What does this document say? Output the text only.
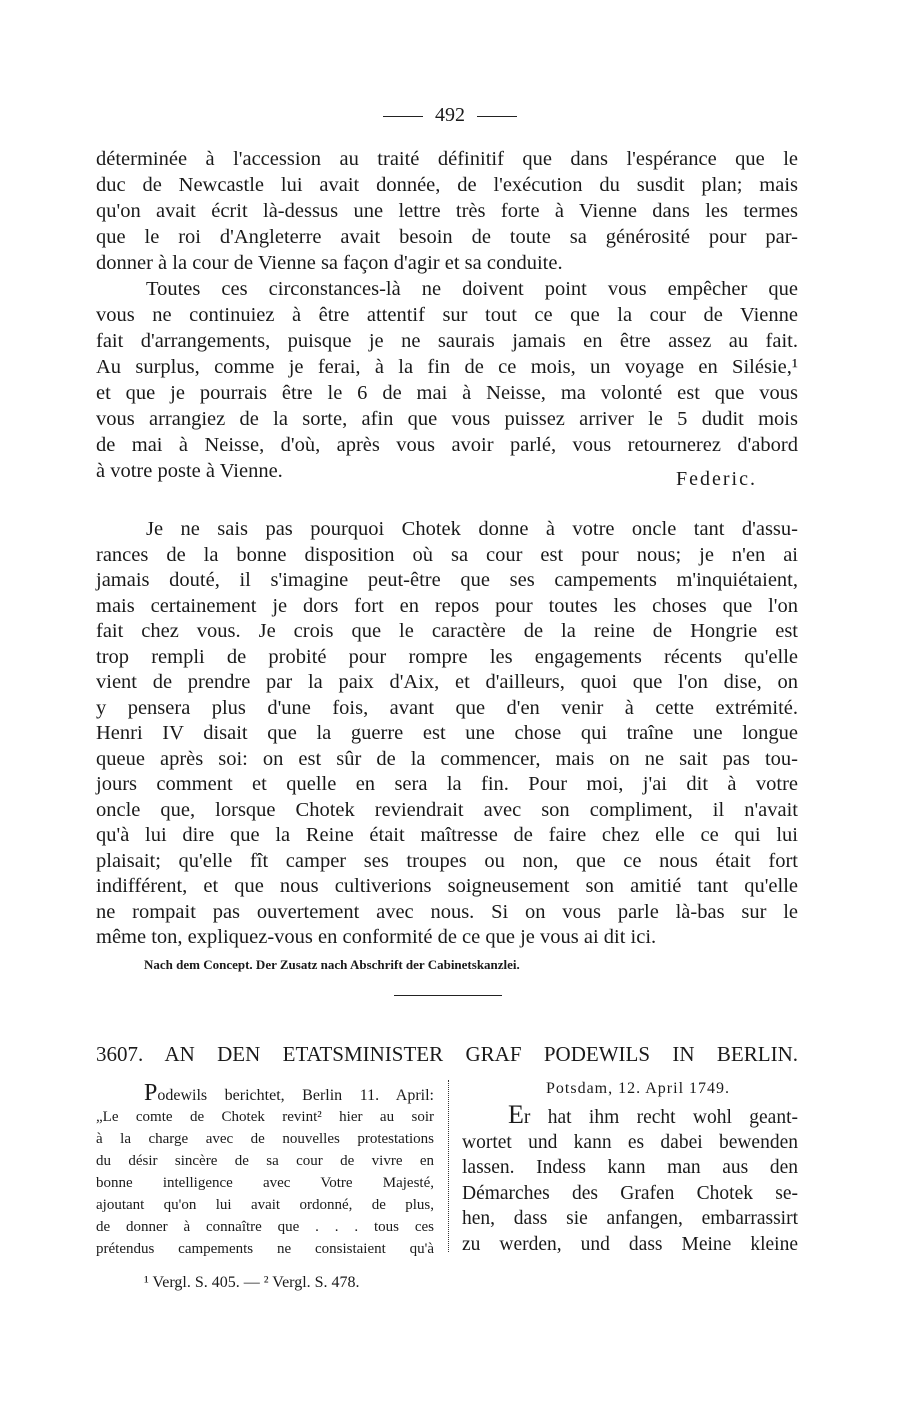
492
déterminée à l'accession au traité définitif que dans l'espérance que le
duc de Newcastle lui avait donnée, de l'exécution du susdit plan; mais
qu'on avait écrit là-dessus une lettre très forte à Vienne dans les termes
que le roi d'Angleterre avait besoin de toute sa générosité pour par-
donner à la cour de Vienne sa façon d'agir et sa conduite.
Toutes ces circonstances-là ne doivent point vous empêcher que
vous ne continuiez à être attentif sur tout ce que la cour de Vienne
fait d'arrangements, puisque je ne saurais jamais en être assez au fait.
Au surplus, comme je ferai, à la fin de ce mois, un voyage en Silésie,¹
et que je pourrais être le 6 de mai à Neisse, ma volonté est que vous
vous arrangiez de la sorte, afin que vous puissez arriver le 5 dudit mois
de mai à Neisse, d'où, après vous avoir parlé, vous retournerez d'abord
à votre poste à Vienne.	Federic.
Je ne sais pas pourquoi Chotek donne à votre oncle tant d'assu-
rances de la bonne disposition où sa cour est pour nous; je n'en ai
jamais douté, il s'imagine peut-être que ses campements m'inquiétaient,
mais certainement je dors fort en repos pour toutes les choses que l'on
fait chez vous. Je crois que le caractère de la reine de Hongrie est
trop rempli de probité pour rompre les engagements récents qu'elle
vient de prendre par la paix d'Aix, et d'ailleurs, quoi que l'on dise, on
y pensera plus d'une fois, avant que d'en venir à cette extrémité.
Henri IV disait que la guerre est une chose qui traîne une longue
queue après soi: on est sûr de la commencer, mais on ne sait pas tou-
jours comment et quelle en sera la fin. Pour moi, j'ai dit à votre
oncle que, lorsque Chotek reviendrait avec son compliment, il n'avait
qu'à lui dire que la Reine était maîtresse de faire chez elle ce qui lui
plaisait; qu'elle fît camper ses troupes ou non, que ce nous était fort
indifférent, et que nous cultiverions soigneusement son amitié tant qu'elle
ne rompait pas ouvertement avec nous. Si on vous parle là-bas sur le
même ton, expliquez-vous en conformité de ce que je vous ai dit ici.
Nach dem Concept. Der Zusatz nach Abschrift der Cabinetskanzlei.
3607. AN DEN ETATSMINISTER GRAF PODEWILS IN BERLIN.
Podewils berichtet, Berlin 11. April:
„Le comte de Chotek revint² hier au soir
à la charge avec de nouvelles protestations
du désir sincère de sa cour de vivre en
bonne intelligence avec Votre Majesté,
ajoutant qu'on lui avait ordonné, de plus,
de donner à connaître que . . . tous ces
prétendus campements ne consistaient qu'à
Potsdam, 12. April 1749.
Er hat ihm recht wohl geant-
wortet und kann es dabei bewenden
lassen. Indess kann man aus den
Démarches des Grafen Chotek se-
hen, dass sie anfangen, embarrassirt
zu werden, und dass Meine kleine
¹ Vergl. S. 405. — ² Vergl. S. 478.
